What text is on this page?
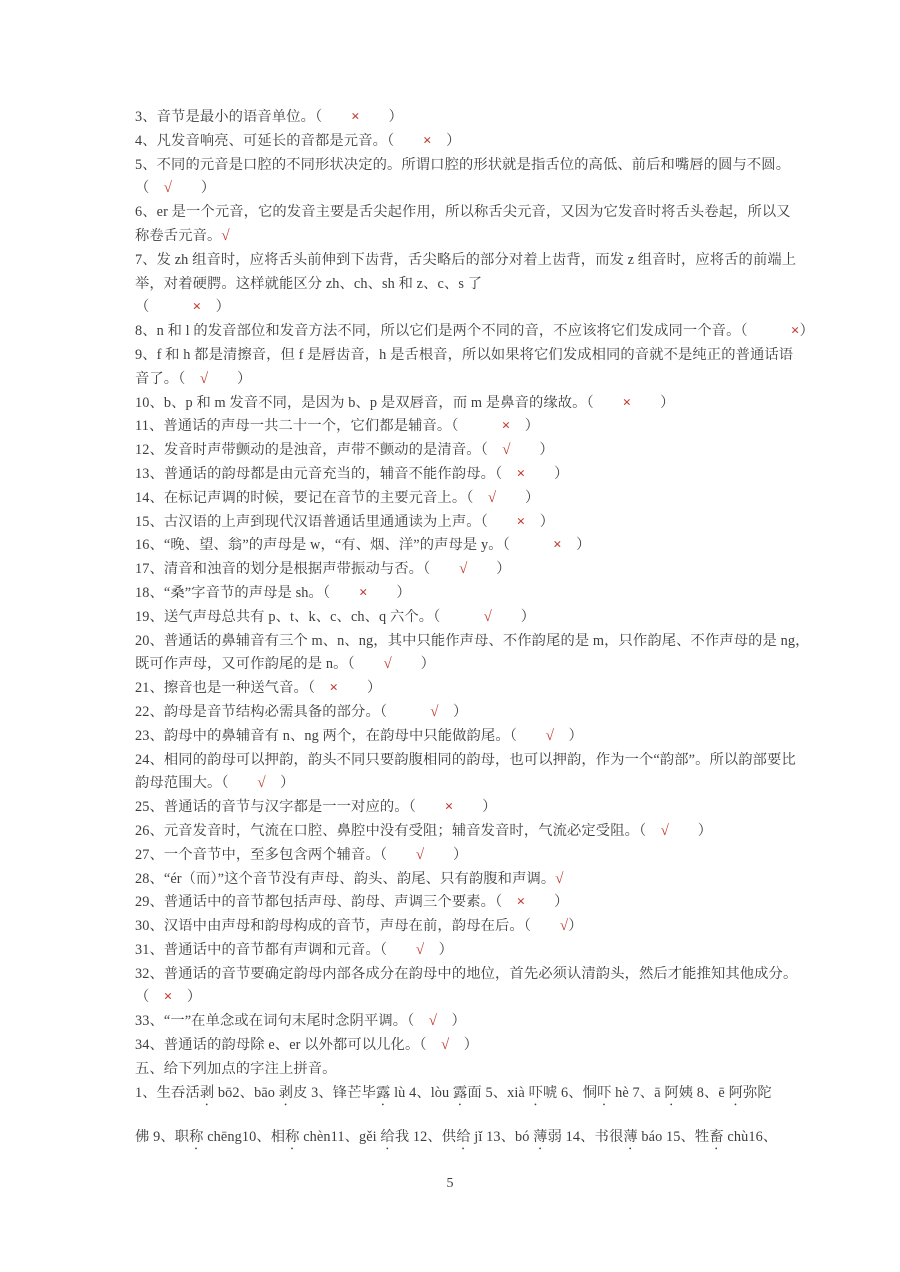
3、音节是最小的语音单位。（　　×　　）
4、凡发音响亮、可延长的音都是元音。（　　×　）
5、不同的元音是口腔的不同形状决定的。所谓口腔的形状就是指舌位的高低、前后和嘴唇的圆与不圆。
（　√　　）
6、er 是一个元音，它的发音主要是舌尖起作用，所以称舌尖元音，又因为它发音时将舌头卷起，所以又
称卷舌元音。√
7、发 zh 组音时，应将舌头前伸到下齿背，舌尖略后的部分对着上齿背，而发 z 组音时，应将舌的前端上
举，对着硬腭。这样就能区分 zh、ch、sh 和 z、c、s 了
（　　　×　）
8、n 和 l 的发音部位和发音方法不同，所以它们是两个不同的音，不应该将它们发成同一个音。（　　　×）
9、f 和 h 都是清擦音，但 f 是唇齿音，h 是舌根音，所以如果将它们发成相同的音就不是纯正的普通话语
音了。（　√　　）
10、b、p 和 m 发音不同，是因为 b、p 是双唇音，而 m 是鼻音的缘故。（　　×　　）
11、普通话的声母一共二十一个，它们都是辅音。（　　　×　）
12、发音时声带颤动的是浊音，声带不颤动的是清音。（　√　　）
13、普通话的韵母都是由元音充当的，辅音不能作韵母。（　×　　）
14、在标记声调的时候，要记在音节的主要元音上。（　√　　）
15、古汉语的上声到现代汉语普通话里通通读为上声。（　　×　）
16、“晚、望、翁”的声母是 w，“有、烟、洋”的声母是 y。（　　　×　）
17、清音和浊音的划分是根据声带振动与否。（　　√　　）
18、“桑”字音节的声母是 sh。（　　×　　）
19、送气声母总共有 p、t、k、c、ch、q 六个。（　　　√　　）
20、普通话的鼻辅音有三个 m、n、ng，其中只能作声母、不作韵尾的是 m，只作韵尾、不作声母的是 ng，
既可作声母，又可作韵尾的是 n。（　　√　　）
21、擦音也是一种送气音。（　×　　）
22、韵母是音节结构必需具备的部分。（　　　√　）
23、韵母中的鼻辅音有 n、ng 两个，在韵母中只能做韵尾。（　　√　）
24、相同的韵母可以押韵，韵头不同只要韵腹相同的韵母，也可以押韵，作为一个“韵部”。所以韵部要比
韵母范围大。（　　√　）
25、普通话的音节与汉字都是一一对应的。（　　×　　）
26、元音发音时，气流在口腔、鼻腔中没有受阻；辅音发音时，气流必定受阻。（　√　　）
27、一个音节中，至多包含两个辅音。（　　√　　）
28、“ér（而）”这个音节没有声母、韵头、韵尾、只有韵腹和声调。√
29、普通话中的音节都包括声母、韵母、声调三个要素。（　×　　）
30、汉语中由声母和韵母构成的音节，声母在前，韵母在后。（　　√）
31、普通话中的音节都有声调和元音。（　　√　）
32、普通话的音节要确定韵母内部各成分在韵母中的地位，首先必须认清韵头，然后才能推知其他成分。
（　×　）
33、“一”在单念或在词句末尾时念阴平调。（　√　）
34、普通话的韵母除 e、er 以外都可以儿化。（　√　）
五、给下列加点的字注上拼音。
1、生吞活剥 bō2、bāo 剥皮 3、锋芒毕露 lù 4、lòu 露面 5、xià 吓唬 6、恫吓 hè 7、ā 阿姨 8、ē 阿弥陀
佛 9、职称 chēng10、相称 chèn11、gěi 给我 12、供给 jǐ 13、bó 薄弱 14、书很薄 báo 15、牲畜 chù16、
5
